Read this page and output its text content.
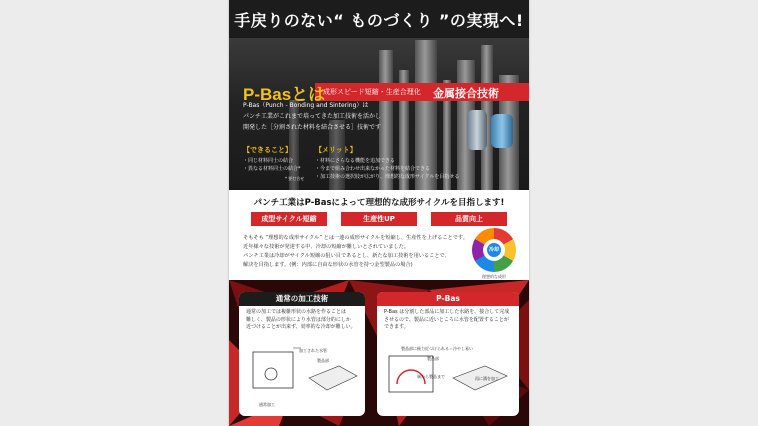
手戻りのない“ ものづくり ”の実現へ!
成形スピード短縮・生産合理化 金属接合技術
P-Basとは
P-Bas（Punch - Bonding and Sintering）は
パンチ工業がこれまで培ってきた加工技術を活かし
開発した［分割された材料を結合させる］技術です
【できること】
・同じ材料同士の結合
・異なる材料同士の結合*
* 要打合せ
【メリット】
・材料にさらなる機能を追加できる
・今まで組み合わせ出来なかった材料を結合できる
・加工技術の選択肢が広がり、理想的な成形サイクルを目指せる
パンチ工業はP-Basによって理想的な成形サイクルを目指します!
成型サイクル短縮	生産性UP	品質向上
そもそも “理想的な成形サイクル” とは一連の成形サイクルを短縮し、生産性を上げることです。
近年様々な技術が発達する中、冷却の短縮が難しいとされていました。
パンチ工業は冷却がサイクル短縮の狙い目であるとし、新たな加工技術を用いることで、
解決を目指します。(例：内部に自由な形状の水管を持つ金型製品の場合)
冷却
理想的な成形
通常の加工技術
通常の加工では複雑形状の水路を作ることは
難しく、製品の形状により水管は部分的にしか
近づけることが出来ず、効率的な冷却が難しい。
加工された水管
製品部
通常加工
P-Bas
P-Bas は分割した部品に加工した水路を、接合して完成
させるので、製品に近いところに水管を配置することが
できます。
製品部に極力近づけられる＝冷やし易い
製品部
端から製品まで	再に溝を加工
